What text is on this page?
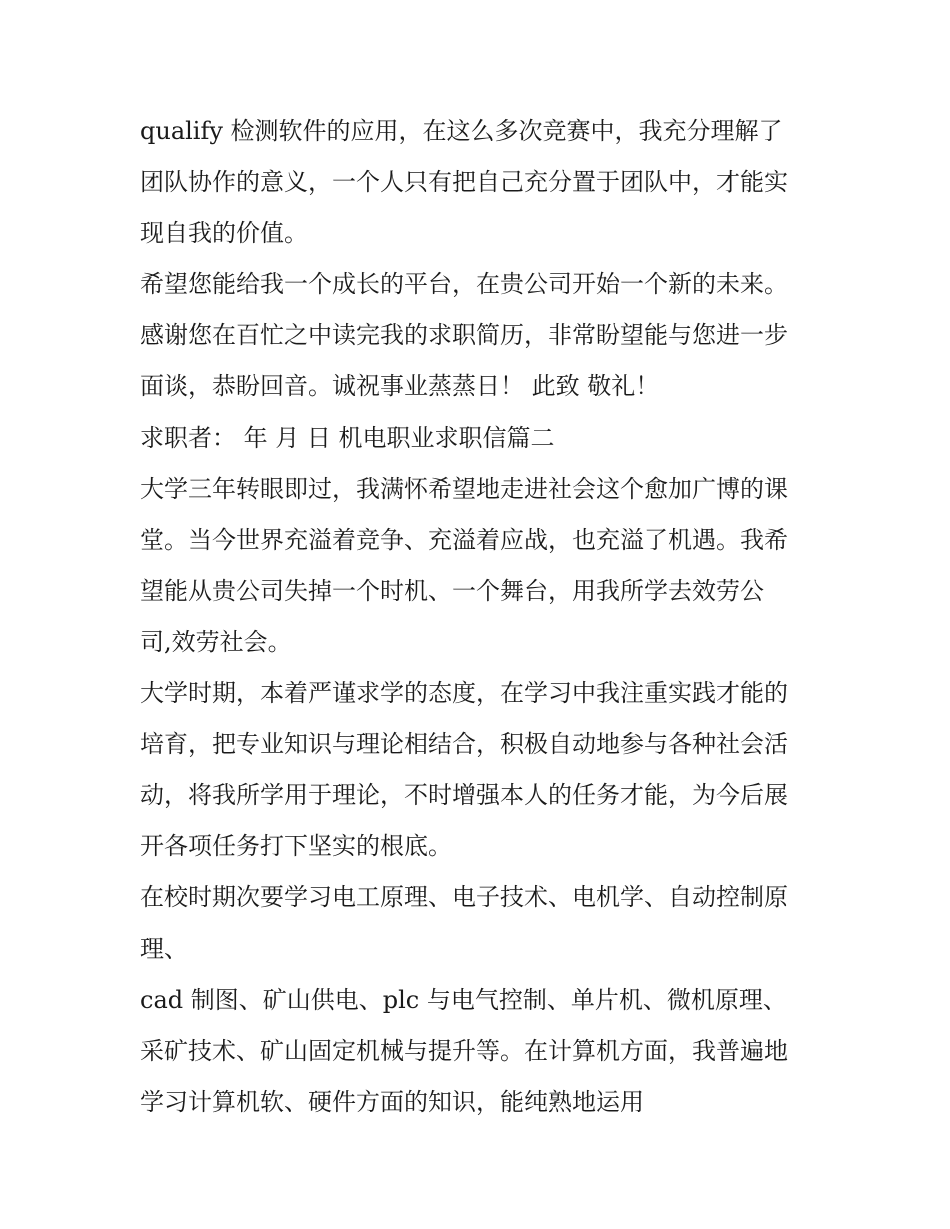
qualify 检测软件的应用，在这么多次竞赛中，我充分理解了
团队协作的意义，一个人只有把自己充分置于团队中，才能实
现自我的价值。
希望您能给我一个成长的平台，在贵公司开始一个新的未来。
感谢您在百忙之中读完我的求职简历，非常盼望能与您进一步
面谈，恭盼回音。诚祝事业蒸蒸日！ 此致 敬礼！
求职者： 年 月 日 机电职业求职信篇二
大学三年转眼即过，我满怀希望地走进社会这个愈加广博的课
堂。当今世界充溢着竞争、充溢着应战，也充溢了机遇。我希
望能从贵公司失掉一个时机、一个舞台，用我所学去效劳公
司,效劳社会。
大学时期，本着严谨求学的态度，在学习中我注重实践才能的
培育，把专业知识与理论相结合，积极自动地参与各种社会活
动，将我所学用于理论，不时增强本人的任务才能，为今后展
开各项任务打下坚实的根底。
在校时期次要学习电工原理、电子技术、电机学、自动控制原
理、
cad 制图、矿山供电、plc 与电气控制、单片机、微机原理、
采矿技术、矿山固定机械与提升等。在计算机方面，我普遍地
学习计算机软、硬件方面的知识，能纯熟地运用
